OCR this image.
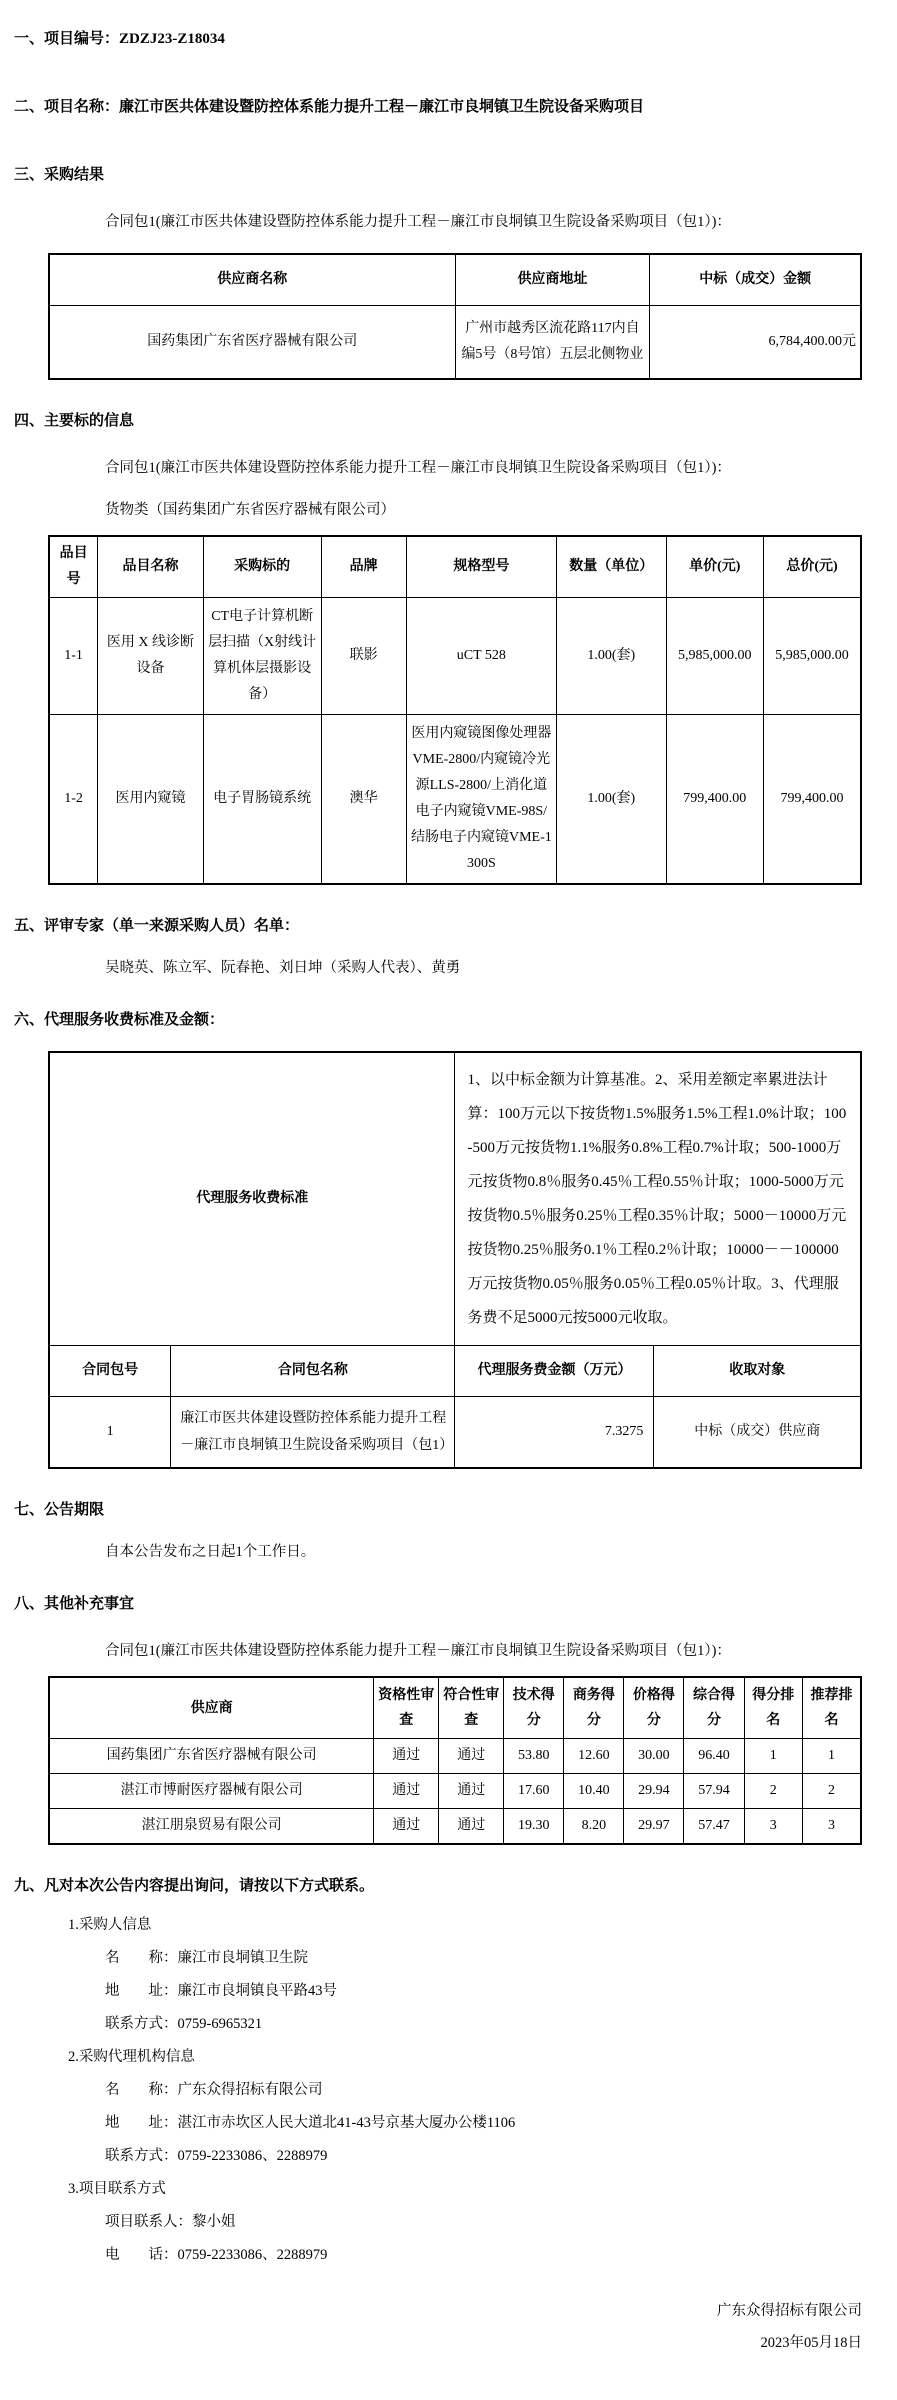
一、项目编号：ZDZJ23-Z18034
二、项目名称：廉江市医共体建设暨防控体系能力提升工程－廉江市良垌镇卫生院设备采购项目
三、采购结果
合同包1(廉江市医共体建设暨防控体系能力提升工程－廉江市良垌镇卫生院设备采购项目（包1）)：
供应商名称	供应商地址	中标（成交）金额
国药集团广东省医疗器械有限公司	广州市越秀区流花路117内自编5号（8号馆）五层北侧物业	6,784,400.00元
四、主要标的信息
合同包1(廉江市医共体建设暨防控体系能力提升工程－廉江市良垌镇卫生院设备采购项目（包1）)：
货物类（国药集团广东省医疗器械有限公司）
品目号	品目名称	采购标的	品牌	规格型号	数量（单位）	单价(元)	总价(元)
1-1	医用 X 线诊断设备	CT电子计算机断层扫描（X射线计算机体层摄影设备）	联影	uCT 528	1.00(套)	5,985,000.00	5,985,000.00
1-2	医用内窥镜	电子胃肠镜系统	澳华	医用内窥镜图像处理器VME-2800/内窥镜冷光源LLS-2800/上消化道电子内窥镜VME-98S/结肠电子内窥镜VME-1300S	1.00(套)	799,400.00	799,400.00
五、评审专家（单一来源采购人员）名单：
吴晓英、陈立军、阮春艳、刘日坤（采购人代表）、黄勇
六、代理服务收费标准及金额：
代理服务收费标准		1、以中标金额为计算基准。2、采用差额定率累进法计算：100万元以下按货物1.5%服务1.5%工程1.0%计取；100-500万元按货物1.1%服务0.8%工程0.7%计取；500-1000万元按货物0.8％服务0.45％工程0.55％计取；1000-5000万元按货物0.5％服务0.25％工程0.35％计取；5000－10000万元按货物0.25％服务0.1％工程0.2％计取；10000－－100000万元按货物0.05％服务0.05％工程0.05％计取。3、代理服务费不足5000元按5000元收取。	
合同包号	合同包名称	代理服务费金额（万元）	收取对象
1	廉江市医共体建设暨防控体系能力提升工程－廉江市良垌镇卫生院设备采购项目（包1）	7.3275	中标（成交）供应商
七、公告期限
自本公告发布之日起1个工作日。
八、其他补充事宜
合同包1(廉江市医共体建设暨防控体系能力提升工程－廉江市良垌镇卫生院设备采购项目（包1）)：
供应商	资格性审查	符合性审查	技术得分	商务得分	价格得分	综合得分	得分排名	推荐排名
国药集团广东省医疗器械有限公司	通过	通过	53.80	12.60	30.00	96.40	1	1
湛江市博耐医疗器械有限公司	通过	通过	17.60	10.40	29.94	57.94	2	2
湛江朋泉贸易有限公司	通过	通过	19.30	8.20	29.97	57.47	3	3
九、凡对本次公告内容提出询问，请按以下方式联系。
1.采购人信息
名　　称：廉江市良垌镇卫生院
地　　址：廉江市良垌镇良平路43号
联系方式：0759-6965321
2.采购代理机构信息
名　　称：广东众得招标有限公司
地　　址：湛江市赤坎区人民大道北41-43号京基大厦办公楼1106
联系方式：0759-2233086、2288979
3.项目联系方式
项目联系人：黎小姐
电　　话：0759-2233086、2288979
广东众得招标有限公司
2023年05月18日
